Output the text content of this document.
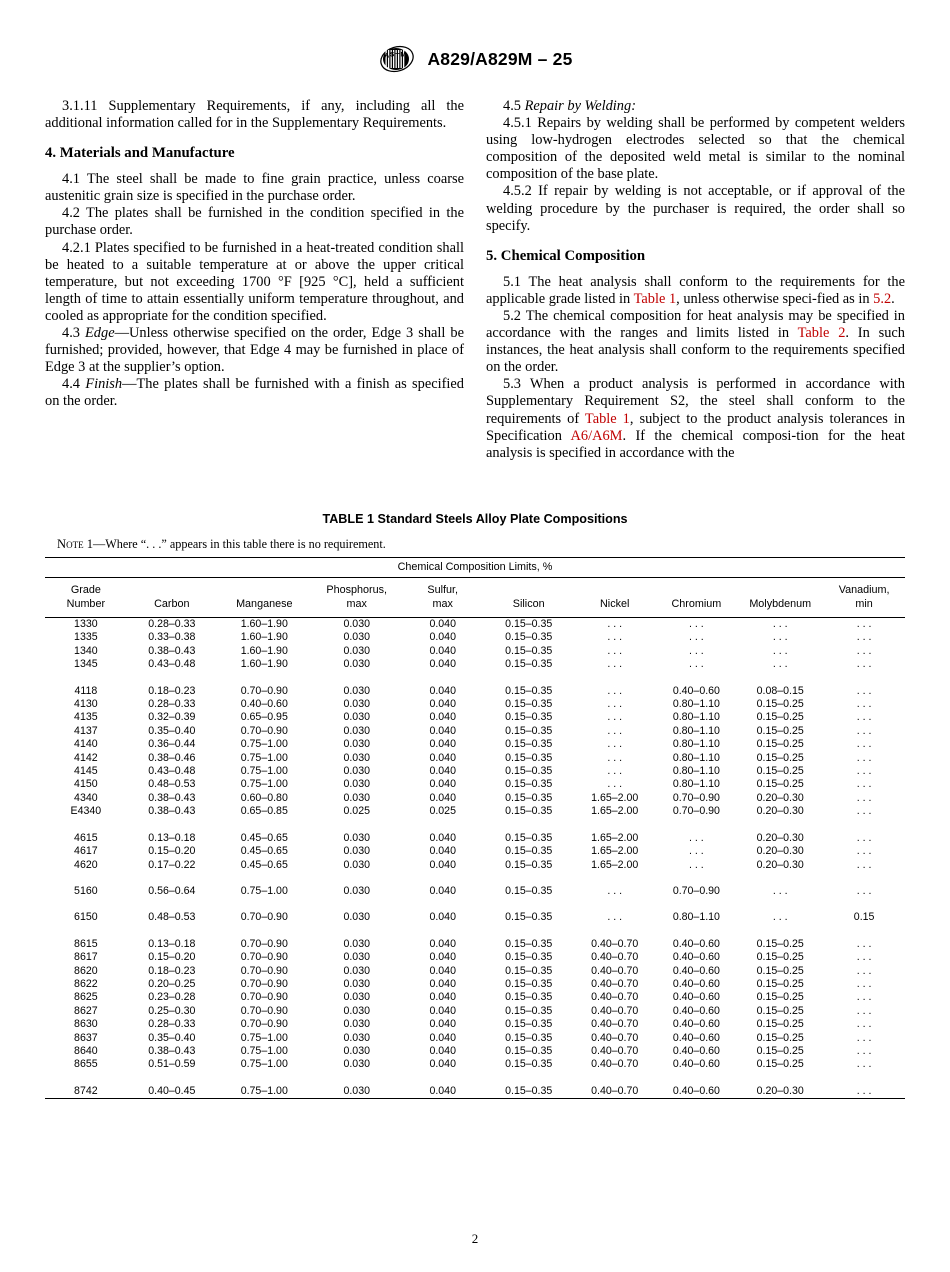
A S T M A829/A829M – 25

3.1.11 Supplementary Requirements, if any, including all the additional information called for in the Supplementary Requirements.

4. Materials and Manufacture

4.1 The steel shall be made to fine grain practice, unless coarse austenitic grain size is specified in the purchase order.

4.2 The plates shall be furnished in the condition specified in the purchase order.

4.2.1 Plates specified to be furnished in a heat-treated condition shall be heated to a suitable temperature at or above the upper critical temperature, but not exceeding 1700 °F [925 °C], held a sufficient length of time to attain essentially uniform temperature throughout, and cooled as appropriate for the condition specified.

4.3 Edge—Unless otherwise specified on the order, Edge 3 shall be furnished; provided, however, that Edge 4 may be furnished in place of Edge 3 at the supplier’s option.

4.4 Finish—The plates shall be furnished with a finish as specified on the order.

4.5 Repair by Welding:

4.5.1 Repairs by welding shall be performed by competent welders using low-hydrogen electrodes selected so that the chemical composition of the deposited weld metal is similar to the nominal composition of the base plate.

4.5.2 If repair by welding is not acceptable, or if approval of the welding procedure by the purchaser is required, the order shall so specify.

5. Chemical Composition

5.1 The heat analysis shall conform to the requirements for the applicable grade listed in Table 1, unless otherwise speci-fied as in 5.2.

5.2 The chemical composition for heat analysis may be specified in accordance with the ranges and limits listed in Table 2. In such instances, the heat analysis shall conform to the requirements specified on the order.

5.3 When a product analysis is performed in accordance with Supplementary Requirement S2, the steel shall conform to the requirements of Table 1, subject to the product analysis tolerances in Specification A6/A6M. If the chemical composi-tion for the heat analysis is specified in accordance with the

TABLE 1 Standard Steels Alloy Plate Compositions
Note 1—Where “. . .” appears in this table there is no requirement.
Chemical Composition Limits, %									
Grade
Number	Carbon	Manganese	Phosphorus,
max	Sulfur,
max	Silicon	Nickel	Chromium	Molybdenum	Vanadium,
min
1330	0.28–0.33	1.60–1.90	0.030	0.040	0.15–0.35	. . .	. . .	. . .	. . .
1335	0.33–0.38	1.60–1.90	0.030	0.040	0.15–0.35	. . .	. . .	. . .	. . .
1340	0.38–0.43	1.60–1.90	0.030	0.040	0.15–0.35	. . .	. . .	. . .	. . .
1345	0.43–0.48	1.60–1.90	0.030	0.040	0.15–0.35	. . .	. . .	. . .	. . .

4118	0.18–0.23	0.70–0.90	0.030	0.040	0.15–0.35	. . .	0.40–0.60	0.08–0.15	. . .
4130	0.28–0.33	0.40–0.60	0.030	0.040	0.15–0.35	. . .	0.80–1.10	0.15–0.25	. . .
4135	0.32–0.39	0.65–0.95	0.030	0.040	0.15–0.35	. . .	0.80–1.10	0.15–0.25	. . .
4137	0.35–0.40	0.70–0.90	0.030	0.040	0.15–0.35	. . .	0.80–1.10	0.15–0.25	. . .
4140	0.36–0.44	0.75–1.00	0.030	0.040	0.15–0.35	. . .	0.80–1.10	0.15–0.25	. . .
4142	0.38–0.46	0.75–1.00	0.030	0.040	0.15–0.35	. . .	0.80–1.10	0.15–0.25	. . .
4145	0.43–0.48	0.75–1.00	0.030	0.040	0.15–0.35	. . .	0.80–1.10	0.15–0.25	. . .
4150	0.48–0.53	0.75–1.00	0.030	0.040	0.15–0.35	. . .	0.80–1.10	0.15–0.25	. . .
4340	0.38–0.43	0.60–0.80	0.030	0.040	0.15–0.35	1.65–2.00	0.70–0.90	0.20–0.30	. . .
E4340	0.38–0.43	0.65–0.85	0.025	0.025	0.15–0.35	1.65–2.00	0.70–0.90	0.20–0.30	. . .

4615	0.13–0.18	0.45–0.65	0.030	0.040	0.15–0.35	1.65–2.00	. . .	0.20–0.30	. . .
4617	0.15–0.20	0.45–0.65	0.030	0.040	0.15–0.35	1.65–2.00	. . .	0.20–0.30	. . .
4620	0.17–0.22	0.45–0.65	0.030	0.040	0.15–0.35	1.65–2.00	. . .	0.20–0.30	. . .

5160	0.56–0.64	0.75–1.00	0.030	0.040	0.15–0.35	. . .	0.70–0.90	. . .	. . .

6150	0.48–0.53	0.70–0.90	0.030	0.040	0.15–0.35	. . .	0.80–1.10	. . .	0.15

8615	0.13–0.18	0.70–0.90	0.030	0.040	0.15–0.35	0.40–0.70	0.40–0.60	0.15–0.25	. . .
8617	0.15–0.20	0.70–0.90	0.030	0.040	0.15–0.35	0.40–0.70	0.40–0.60	0.15–0.25	. . .
8620	0.18–0.23	0.70–0.90	0.030	0.040	0.15–0.35	0.40–0.70	0.40–0.60	0.15–0.25	. . .
8622	0.20–0.25	0.70–0.90	0.030	0.040	0.15–0.35	0.40–0.70	0.40–0.60	0.15–0.25	. . .
8625	0.23–0.28	0.70–0.90	0.030	0.040	0.15–0.35	0.40–0.70	0.40–0.60	0.15–0.25	. . .
8627	0.25–0.30	0.70–0.90	0.030	0.040	0.15–0.35	0.40–0.70	0.40–0.60	0.15–0.25	. . .
8630	0.28–0.33	0.70–0.90	0.030	0.040	0.15–0.35	0.40–0.70	0.40–0.60	0.15–0.25	. . .
8637	0.35–0.40	0.75–1.00	0.030	0.040	0.15–0.35	0.40–0.70	0.40–0.60	0.15–0.25	. . .
8640	0.38–0.43	0.75–1.00	0.030	0.040	0.15–0.35	0.40–0.70	0.40–0.60	0.15–0.25	. . .
8655	0.51–0.59	0.75–1.00	0.030	0.040	0.15–0.35	0.40–0.70	0.40–0.60	0.15–0.25	. . .

8742	0.40–0.45	0.75–1.00	0.030	0.040	0.15–0.35	0.40–0.70	0.40–0.60	0.20–0.30	. . .

2
